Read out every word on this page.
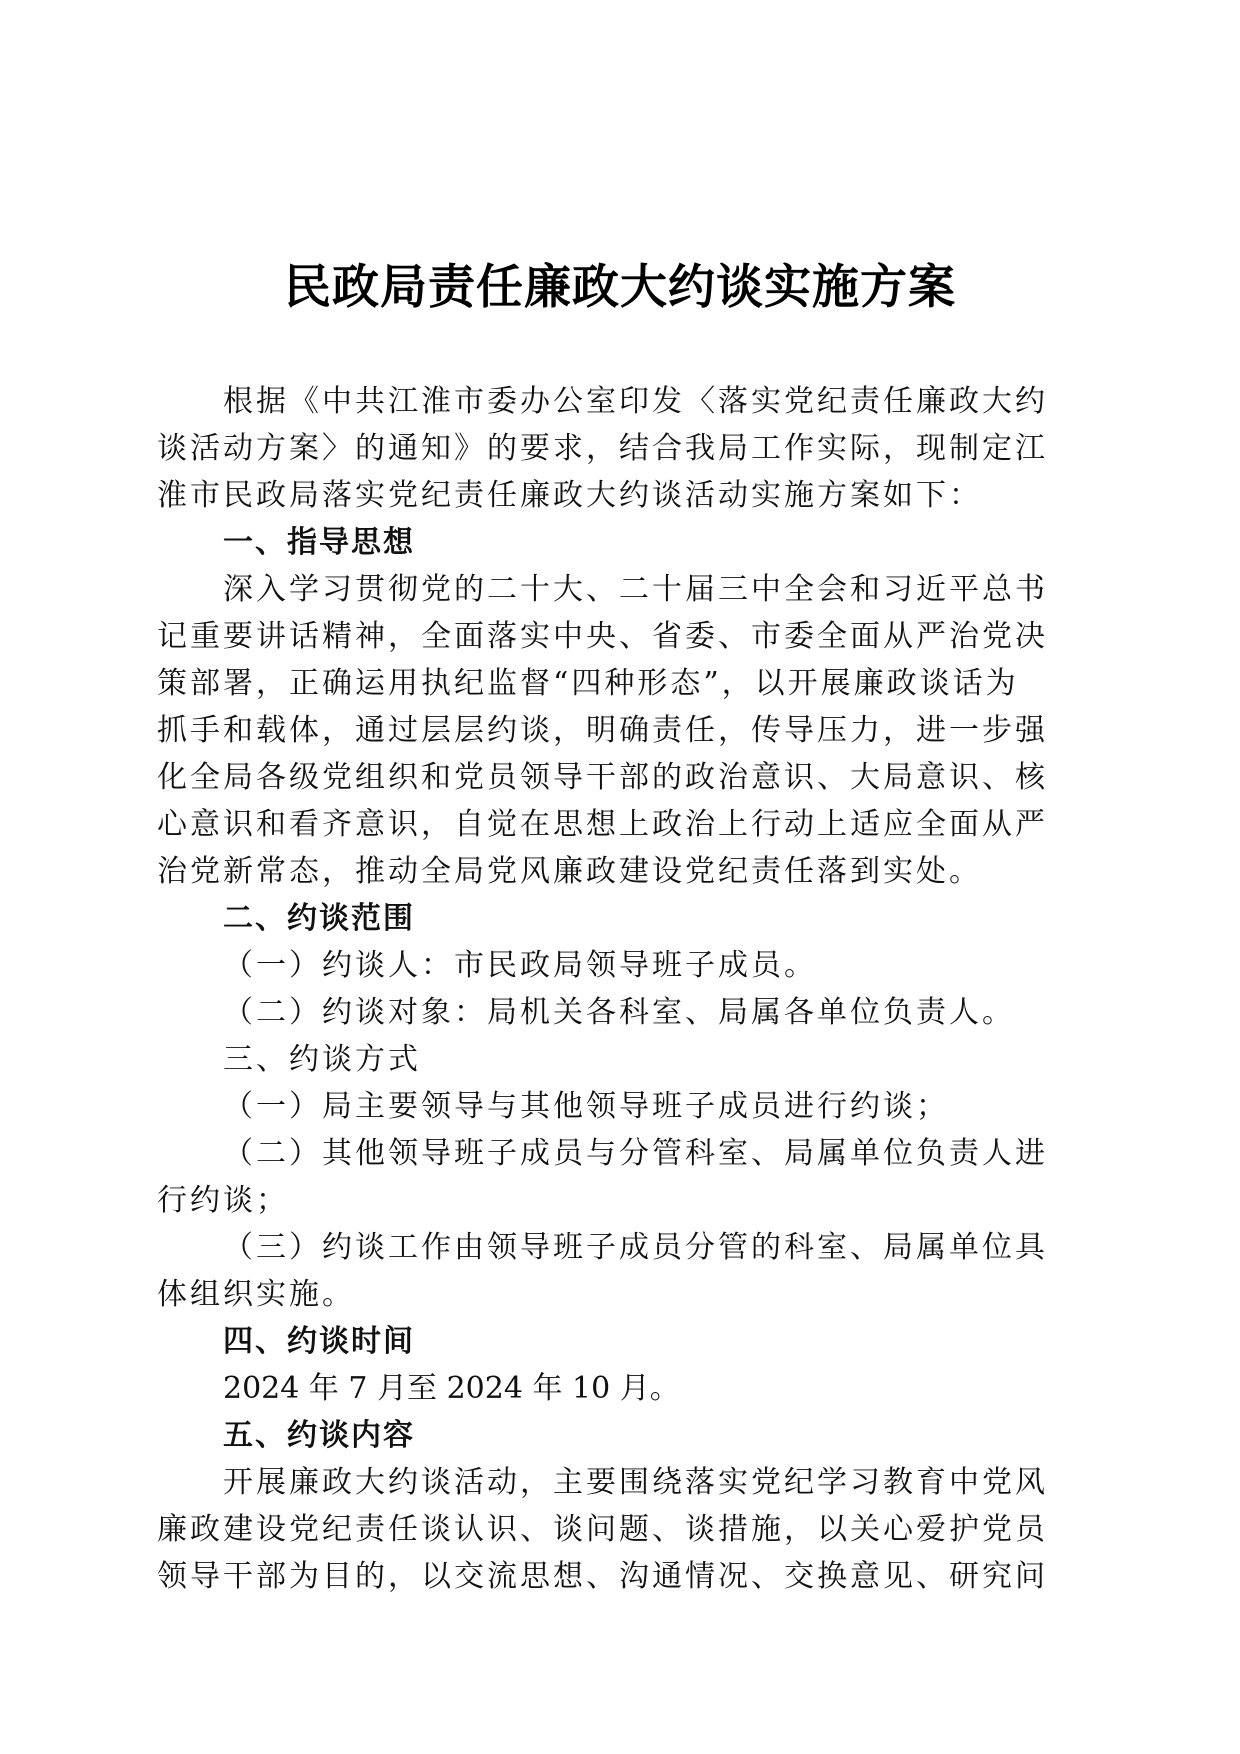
民政局责任廉政大约谈实施方案
根据《中共江淮市委办公室印发〈落实党纪责任廉政大约
谈活动方案〉的通知》的要求，结合我局工作实际，现制定江
淮市民政局落实党纪责任廉政大约谈活动实施方案如下：
一、指导思想
深入学习贯彻党的二十大、二十届三中全会和习近平总书
记重要讲话精神，全面落实中央、省委、市委全面从严治党决
策部署，正确运用执纪监督“四种形态”，以开展廉政谈话为
抓手和载体，通过层层约谈，明确责任，传导压力，进一步强
化全局各级党组织和党员领导干部的政治意识、大局意识、核
心意识和看齐意识，自觉在思想上政治上行动上适应全面从严
治党新常态，推动全局党风廉政建设党纪责任落到实处。
二、约谈范围
（一）约谈人：市民政局领导班子成员。
（二）约谈对象：局机关各科室、局属各单位负责人。
三、约谈方式
（一）局主要领导与其他领导班子成员进行约谈；
（二）其他领导班子成员与分管科室、局属单位负责人进
行约谈；
（三）约谈工作由领导班子成员分管的科室、局属单位具
体组织实施。
四、约谈时间
2024 年 7 月至 2024 年 10 月。
五、约谈内容
开展廉政大约谈活动，主要围绕落实党纪学习教育中党风
廉政建设党纪责任谈认识、谈问题、谈措施，以关心爱护党员
领导干部为目的，以交流思想、沟通情况、交换意见、研究问
